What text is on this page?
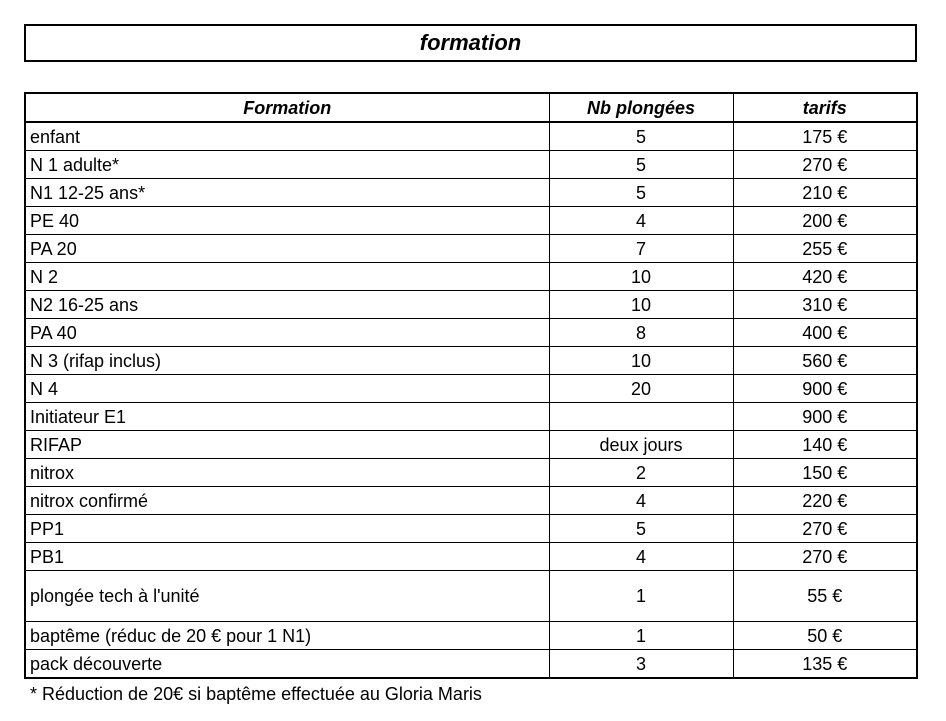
formation
Formation	Nb plongées	tarifs
enfant	5	175 €
N 1 adulte*	5	270 €
N1 12-25 ans*	5	210 €
PE 40	4	200 €
PA 20	7	255 €
N 2	10	420 €
N2 16-25 ans	10	310 €
PA 40	8	400 €
N 3 (rifap inclus)	10	560 €
N 4	20	900 €
Initiateur E1		900 €
RIFAP	deux jours	140 €
nitrox	2	150 €
nitrox confirmé	4	220 €
PP1	5	270 €
PB1	4	270 €
plongée tech à l'unité	1	55 €
baptême (réduc de 20 € pour 1 N1)	1	50 €
pack découverte	3	135 €
* Réduction de 20€ si baptême effectuée au Gloria Maris
